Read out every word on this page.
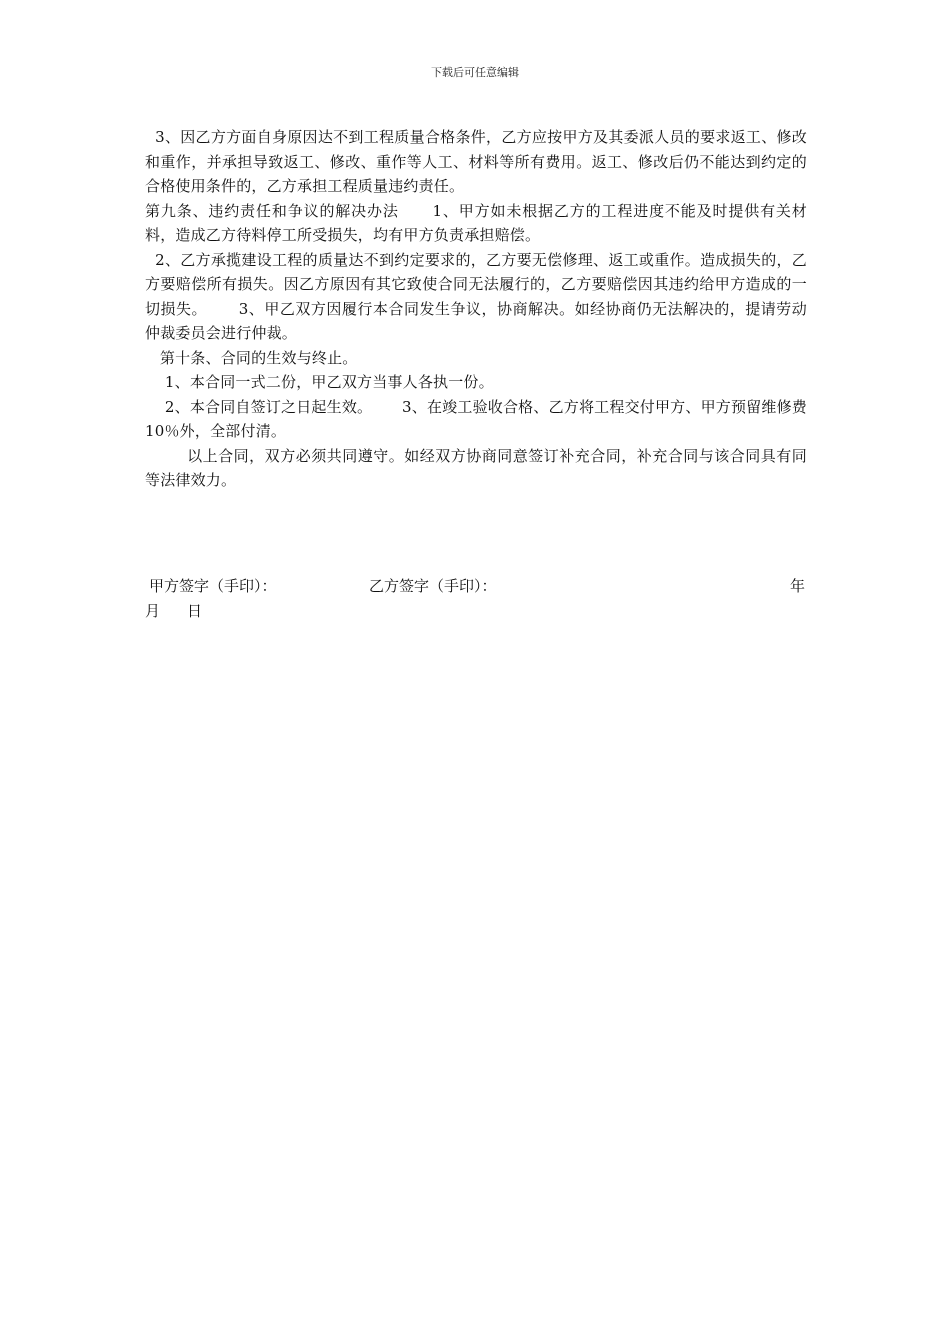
下载后可任意编辑

3、因乙方方面自身原因达不到工程质量合格条件，乙方应按甲方及其委派人员的要求返工、修改和重作，并承担导致返工、修改、重作等人工、材料等所有费用。返工、修改后仍不能达到约定的合格使用条件的，乙方承担工程质量违约责任。

第九条、违约责任和争议的解决办法      1、甲方如未根据乙方的工程进度不能及时提供有关材料，造成乙方待料停工所受损失，均有甲方负责承担赔偿。

2、乙方承揽建设工程的质量达不到约定要求的，乙方要无偿修理、返工或重作。造成损失的，乙方要赔偿所有损失。因乙方原因有其它致使合同无法履行的，乙方要赔偿因其违约给甲方造成的一切损失。      3、甲乙双方因履行本合同发生争议，协商解决。如经协商仍无法解决的，提请劳动仲裁委员会进行仲裁。

第十条、合同的生效与终止。

1、本合同一式二份，甲乙双方当事人各执一份。

2、本合同自签订之日起生效。      3、在竣工验收合格、乙方将工程交付甲方、甲方预留维修费10％外，全部付清。

以上合同，双方必须共同遵守。如经双方协商同意签订补充合同，补充合同与该合同具有同等法律效力。

甲方签字（手印）：	乙方签字（手印）：	年
月 日
